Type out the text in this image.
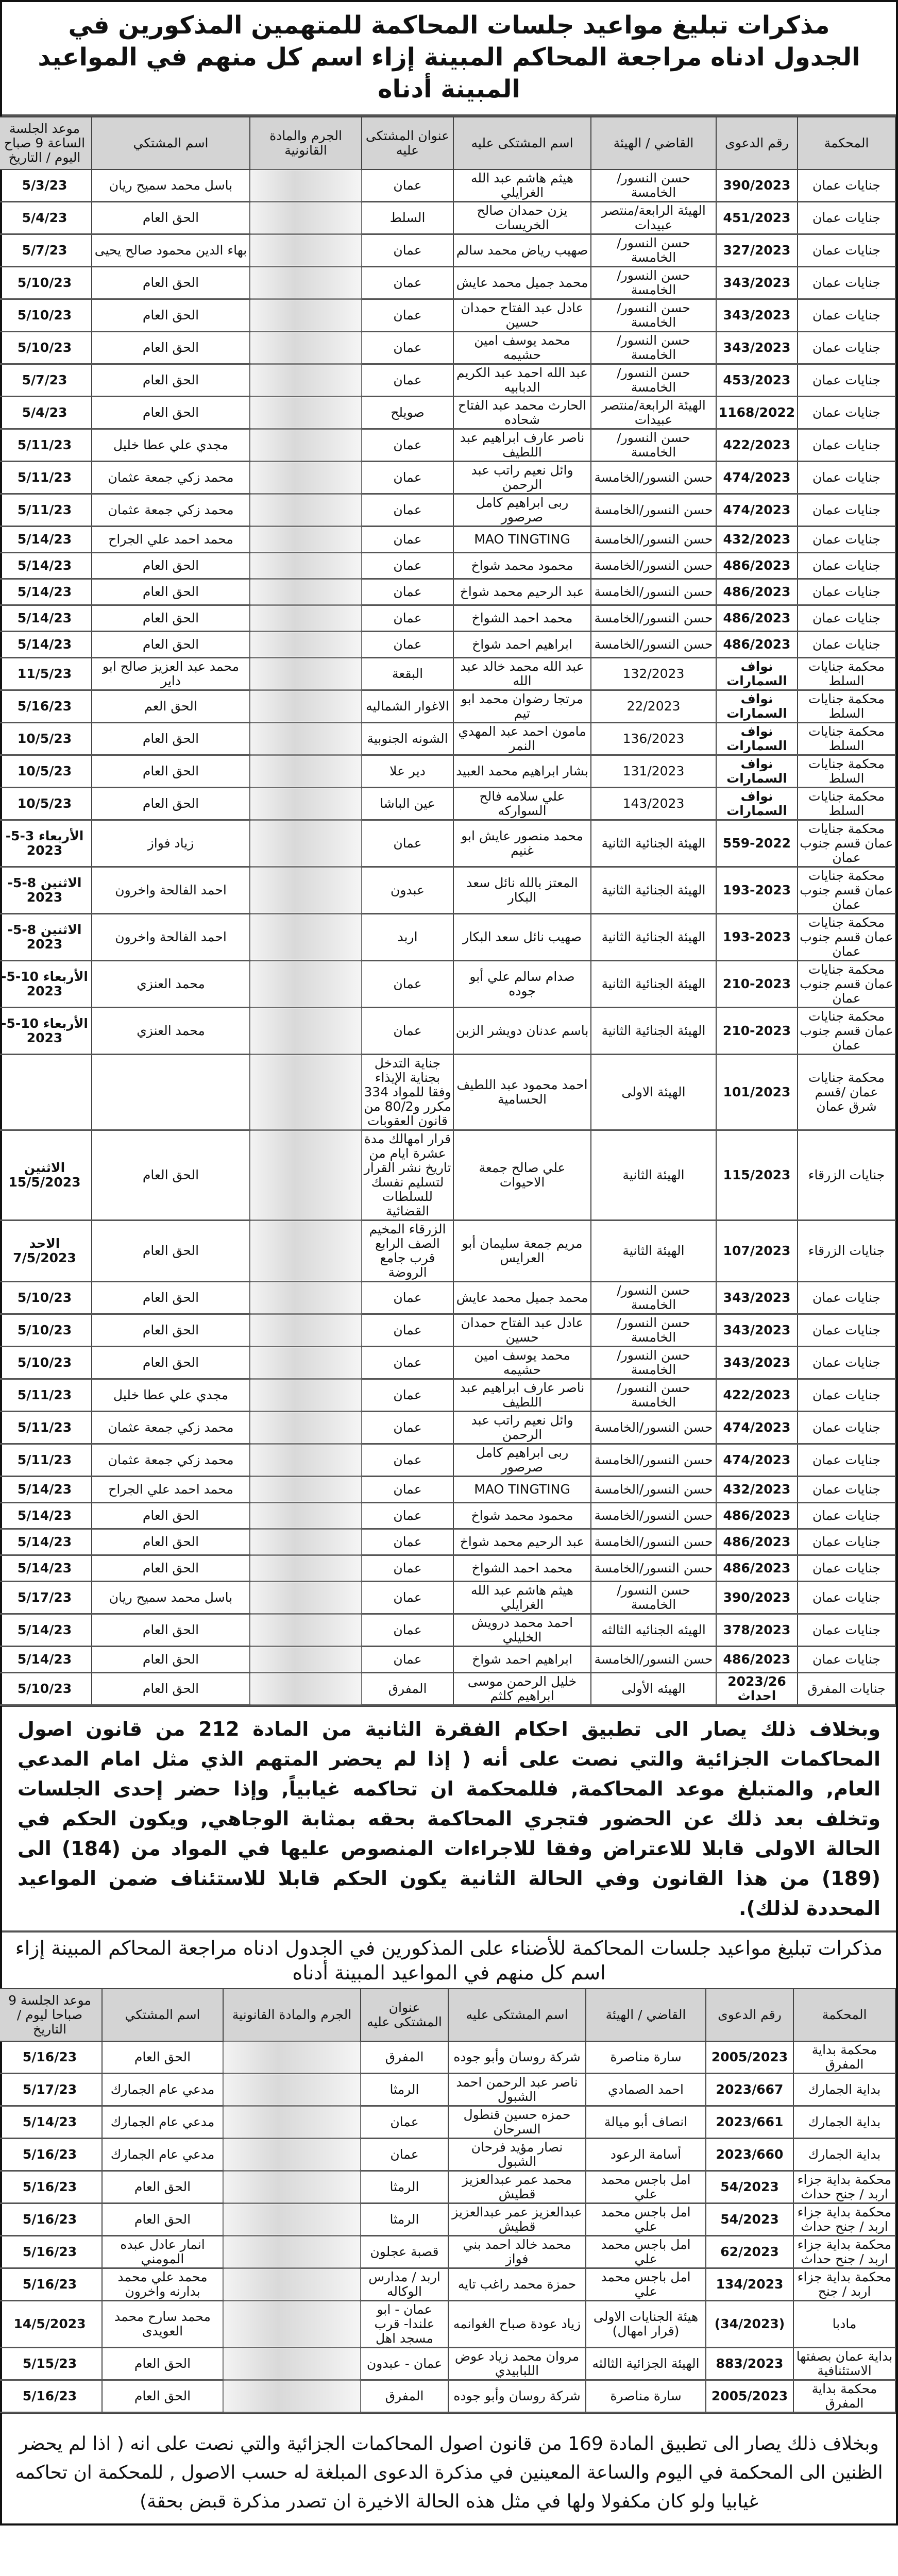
مذكرات تبليغ مواعيد جلسات المحاكمة للمتهمين المذكورين في الجدول ادناه مراجعة المحاكم المبينة إزاء اسم كل منهم في المواعيد المبينة أدناه
المحكمة	رقم الدعوى	القاضي / الهيئة	اسم المشتكى عليه	عنوان المشتكى عليه	الجرم والمادة القانونية	اسم المشتكي	موعد الجلسة الساعة 9 صباح اليوم / التاريخ
جنايات عمان	390/2023	حسن النسور/ الخامسة	هيثم هاشم عبد الله الغرايلي	عمان		باسل محمد سميح ريان	5/3/23
جنايات عمان	451/2023	الهيئة الرابعة/منتصر عبيدات	يزن حمدان صالح الخريسات	السلط		الحق العام	5/4/23
جنايات عمان	327/2023	حسن النسور/ الخامسة	صهيب رياض محمد سالم	عمان		بهاء الدين محمود صالح يحيى	5/7/23
جنايات عمان	343/2023	حسن النسور/ الخامسة	محمد جميل محمد عايش	عمان		الحق العام	5/10/23
جنايات عمان	343/2023	حسن النسور/ الخامسة	عادل عبد الفتاح حمدان حسين	عمان		الحق العام	5/10/23
جنايات عمان	343/2023	حسن النسور/ الخامسة	محمد يوسف امين حشيمه	عمان		الحق العام	5/10/23
جنايات عمان	453/2023	حسن النسور/ الخامسة	عبد الله احمد عبد الكريم الدبابيه	عمان		الحق العام	5/7/23
جنايات عمان	1168/2022	الهيئة الرابعة/منتصر عبيدات	الحارث محمد عبد الفتاح شحاده	صويلح		الحق العام	5/4/23
جنايات عمان	422/2023	حسن النسور/ الخامسة	ناصر عارف ابراهيم عبد اللطيف	عمان		مجدي علي عطا خليل	5/11/23
جنايات عمان	474/2023	حسن النسور/الخامسة	وائل نعيم راتب عبد الرحمن	عمان		محمد زكي جمعة عثمان	5/11/23
جنايات عمان	474/2023	حسن النسور/الخامسة	ربى ابراهيم كامل صرصور	عمان		محمد زكي جمعة عثمان	5/11/23
جنايات عمان	432/2023	حسن النسور/الخامسة	MAO TINGTING	عمان		محمد احمد علي الجراح	5/14/23
جنايات عمان	486/2023	حسن النسور/الخامسة	محمود محمد شواخ	عمان		الحق العام	5/14/23
جنايات عمان	486/2023	حسن النسور/الخامسة	عبد الرحيم محمد شواخ	عمان		الحق العام	5/14/23
جنايات عمان	486/2023	حسن النسور/الخامسة	محمد احمد الشواخ	عمان		الحق العام	5/14/23
جنايات عمان	486/2023	حسن النسور/الخامسة	ابراهيم احمد شواخ	عمان		الحق العام	5/14/23
محكمة جنايات السلط	نواف السمارات	132/2023	عبد الله محمد خالد عبد الله	البقعة		محمد عبد العزيز صالح ابو داير	11/5/23
محكمة جنايات السلط	نواف السمارات	22/2023	مرتجا رضوان محمد ابو تيم	الاغوار الشماليه		الحق العم	5/16/23
محكمة جنايات السلط	نواف السمارات	136/2023	مامون احمد عبد المهدي النمر	الشونه الجنوبية		الحق العام	10/5/23
محكمة جنايات السلط	نواف السمارات	131/2023	بشار ابراهيم محمد العبيد	دير علا		الحق العام	10/5/23
محكمة جنايات السلط	نواف السمارات	143/2023	علي سلامه فالح السواركه	عين الباشا		الحق العام	10/5/23
محكمة جنايات عمان قسم جنوب عمان	559-2022	الهيئة الجنائية الثانية	محمد منصور عايش ابو غنيم	عمان		زياد فواز	الأربعاء 3-5-2023
محكمة جنايات عمان قسم جنوب عمان	193-2023	الهيئة الجنائية الثانية	المعتز بالله نائل سعد البكار	عبدون		احمد الفالحة واخرون	الاثنين 8-5-2023
محكمة جنايات عمان قسم جنوب عمان	193-2023	الهيئة الجنائية الثانية	صهيب نائل سعد البكار	اربد		احمد الفالحة واخرون	الاثنين 8-5-2023
محكمة جنايات عمان قسم جنوب عمان	210-2023	الهيئة الجنائية الثانية	صدام سالم علي أبو جوده	عمان		محمد العنزي	الأربعاء 10-5-2023
محكمة جنايات عمان قسم جنوب عمان	210-2023	الهيئة الجنائية الثانية	باسم عدنان دويشر الزبن	عمان		محمد العنزي	الأربعاء 10-5-2023
محكمة جنايات عمان /قسم شرق عمان	101/2023	الهيئة الاولى	احمد محمود عبد اللطيف الحسامية	جناية التدخل بجناية الإيذاء وفقا للمواد 334 مكرر و80/2 من قانون العقوبات			
جنايات الزرقاء	115/2023	الهيئة الثانية	علي صالح جمعة الاحيوات	قرار امهالك مدة عشرة ايام من تاريخ نشر القرار لتسليم نفسك للسلطات القضائية		الحق العام	الاثنين 15/5/2023
جنايات الزرقاء	107/2023	الهيئة الثانية	مريم جمعة سليمان أبو العرايس	الزرقاء المخيم الصف الرابع قرب جامع الروضة		الحق العام	الاحد 7/5/2023
جنايات عمان	343/2023	حسن النسور/ الخامسة	محمد جميل محمد عايش	عمان		الحق العام	5/10/23
جنايات عمان	343/2023	حسن النسور/ الخامسة	عادل عبد الفتاح حمدان حسين	عمان		الحق العام	5/10/23
جنايات عمان	343/2023	حسن النسور/ الخامسة	محمد يوسف امين حشيمه	عمان		الحق العام	5/10/23
جنايات عمان	422/2023	حسن النسور/ الخامسة	ناصر عارف ابراهيم عبد اللطيف	عمان		مجدي علي عطا خليل	5/11/23
جنايات عمان	474/2023	حسن النسور/الخامسة	وائل نعيم راتب عبد الرحمن	عمان		محمد زكي جمعة عثمان	5/11/23
جنايات عمان	474/2023	حسن النسور/الخامسة	ربى ابراهيم كامل صرصور	عمان		محمد زكي جمعة عثمان	5/11/23
جنايات عمان	432/2023	حسن النسور/الخامسة	MAO TINGTING	عمان		محمد احمد علي الجراح	5/14/23
جنايات عمان	486/2023	حسن النسور/الخامسة	محمود محمد شواخ	عمان		الحق العام	5/14/23
جنايات عمان	486/2023	حسن النسور/الخامسة	عبد الرحيم محمد شواخ	عمان		الحق العام	5/14/23
جنايات عمان	486/2023	حسن النسور/الخامسة	محمد احمد الشواخ	عمان		الحق العام	5/14/23
جنايات عمان	390/2023	حسن النسور/ الخامسة	هيثم هاشم عبد الله الغرايلي	عمان		باسل محمد سميح ريان	5/17/23
جنايات عمان	378/2023	الهيئه الجنائيه الثالثه	احمد محمد درويش الخليلي	عمان		الحق العام	5/14/23
جنايات عمان	486/2023	حسن النسور/الخامسة	ابراهيم احمد شواخ	عمان		الحق العام	5/14/23
جنايات المفرق	2023/26 احداث	الهيئه الأولى	خليل الرحمن موسى ابراهيم كلثم	المفرق		الحق العام	5/10/23
وبخلاف ذلك يصار الى تطبيق احكام الفقرة الثانية من المادة 212 من قانون اصول المحاكمات الجزائية والتي نصت على أنه ( إذا لم يحضر المتهم الذي مثل امام المدعي العام, والمتبلغ موعد المحاكمة, فللمحكمة ان تحاكمه غيابياً, وإذا حضر إحدى الجلسات وتخلف بعد ذلك عن الحضور فتجري المحاكمة بحقه بمثابة الوجاهي, ويكون الحكم في الحالة الاولى قابلا للاعتراض وفقا للاجراءات المنصوص عليها في المواد من (184) الى (189) من هذا القانون وفي الحالة الثانية يكون الحكم قابلا للاستئناف ضمن المواعيد المحددة لذلك).
مذكرات تبليغ مواعيد جلسات المحاكمة للأضناء على المذكورين في الجدول ادناه مراجعة المحاكم المبينة إزاء اسم كل منهم في المواعيد المبينة أدناه
المحكمة	رقم الدعوى	القاضي / الهيئة	اسم المشتكى عليه	عنوان المشتكى عليه	الجرم والمادة القانونية	اسم المشتكي	موعد الجلسة 9 صباحا ليوم / التاريخ
محكمة بداية المفرق	2005/2023	سارة مناصرة	شركة روسان وأبو جوده	المفرق		الحق العام	5/16/23
بداية الجمارك	2023/667	احمد الصمادي	ناصر عبد الرحمن احمد الشبول	الرمثا		مدعي عام الجمارك	5/17/23
بداية الجمارك	2023/661	انصاف أبو ميالة	حمزه حسين قنطول السرحان	عمان		مدعي عام الجمارك	5/14/23
بداية الجمارك	2023/660	أسامة الرعود	نصار مؤيد فرحان الشبول	عمان		مدعي عام الجمارك	5/16/23
محكمة بداية جزاء اربد / جنح حداث	54/2023	امل باجس محمد علي	محمد عمر عبدالعزيز قطيش	الرمثا		الحق العام	5/16/23
محكمة بداية جزاء اربد / جنح حداث	54/2023	امل باجس محمد علي	عبدالعزيز عمر عبدالعزيز قطيش	الرمثا		الحق العام	5/16/23
محكمة بداية جزاء اربد / جنح حداث	62/2023	امل باجس محمد علي	محمد خالد احمد بني فواز	قصبة عجلون		انمار عادل عبده المومني	5/16/23
محكمة بداية جزاء اربد / جنح	134/2023	امل باجس محمد علي	حمزة محمد راغب تايه	اربد / مدارس الوكاله		محمد علي محمد بدارنه واخرون	5/16/23
مادبا	(34/2023)	هيئة الجنايات الاولى (قرار امهال)	زياد عودة صباح الغوانمه	عمان - ابو علندا- قرب مسجد اهل		محمد سارح محمد العويدى	14/5/2023
بداية عمان بصفتها الاستئنافية	883/2023	الهيئة الجزائية الثالثه	مروان محمد زياد عوض اللبابيدي	عمان - عبدون		الحق العام	5/15/23
محكمة بداية المفرق	2005/2023	سارة مناصرة	شركة روسان وأبو جوده	المفرق		الحق العام	5/16/23
وبخلاف ذلك يصار الى تطبيق المادة 169 من قانون اصول المحاكمات الجزائية والتي نصت على انه ( اذا لم يحضر الظنين الى المحكمة في اليوم والساعة المعينين في مذكرة الدعوى المبلغة له حسب الاصول , للمحكمة ان تحاكمه غيابيا ولو كان مكفولا ولها في مثل هذه الحالة الاخيرة ان تصدر مذكرة قبض بحقة)
